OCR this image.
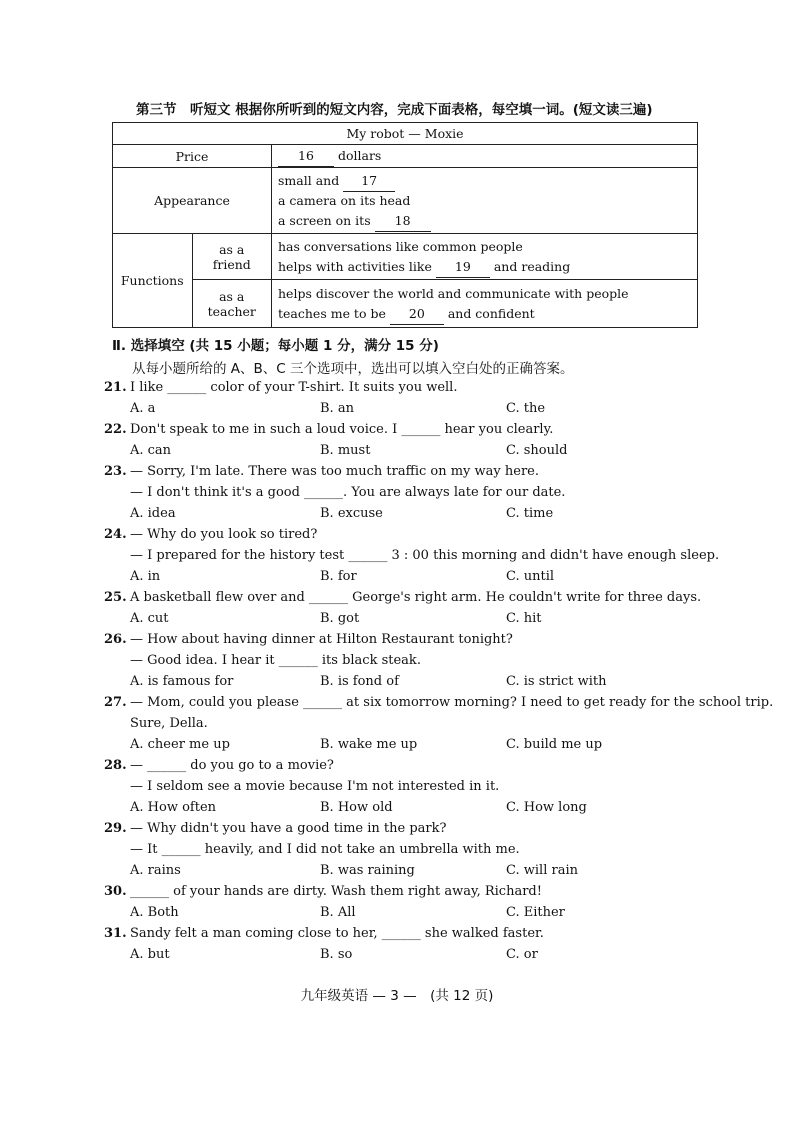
第三节　听短文 根据你所听到的短文内容，完成下面表格，每空填一词。(短文读三遍)
My robot — Moxie		
Price		16 dollars

Appearance		small and 17
a camera on its head
a screen on its 18

Functions	as a friend	has conversations like common people
helps with activities like 19 and reading

	as a teacher	helps discover the world and communicate with people
teaches me to be 20 and confident
Ⅱ. 选择填空 (共 15 小题；每小题 1 分，满分 15 分)
从每小题所给的 A、B、C 三个选项中，选出可以填入空白处的正确答案。
21. I like ______ color of your T-shirt. It suits you well.
A. a	B. an	C. the
22. Don't speak to me in such a loud voice. I ______ hear you clearly.
A. can	B. must	C. should
23. — Sorry, I'm late. There was too much traffic on my way here.
— I don't think it's a good ______. You are always late for our date.
A. idea	B. excuse	C. time
24. — Why do you look so tired?
— I prepared for the history test ______ 3 : 00 this morning and didn't have enough sleep.
A. in	B. for	C. until
25. A basketball flew over and ______ George's right arm. He couldn't write for three days.
A. cut	B. got	C. hit
26. — How about having dinner at Hilton Restaurant tonight?
— Good idea. I hear it ______ its black steak.
A. is famous for	B. is fond of	C. is strict with
27. — Mom, could you please ______ at six tomorrow morning? I need to get ready for the school trip.
Sure, Della.
A. cheer me up	B. wake me up	C. build me up
28. — ______ do you go to a movie?
— I seldom see a movie because I'm not interested in it.
A. How often	B. How old	C. How long
29. — Why didn't you have a good time in the park?
— It ______ heavily, and I did not take an umbrella with me.
A. rains	B. was raining	C. will rain
30. ______ of your hands are dirty. Wash them right away, Richard!
A. Both	B. All	C. Either
31. Sandy felt a man coming close to her, ______ she walked faster.
A. but	B. so	C. or
九年级英语 — 3 —　(共 12 页)
